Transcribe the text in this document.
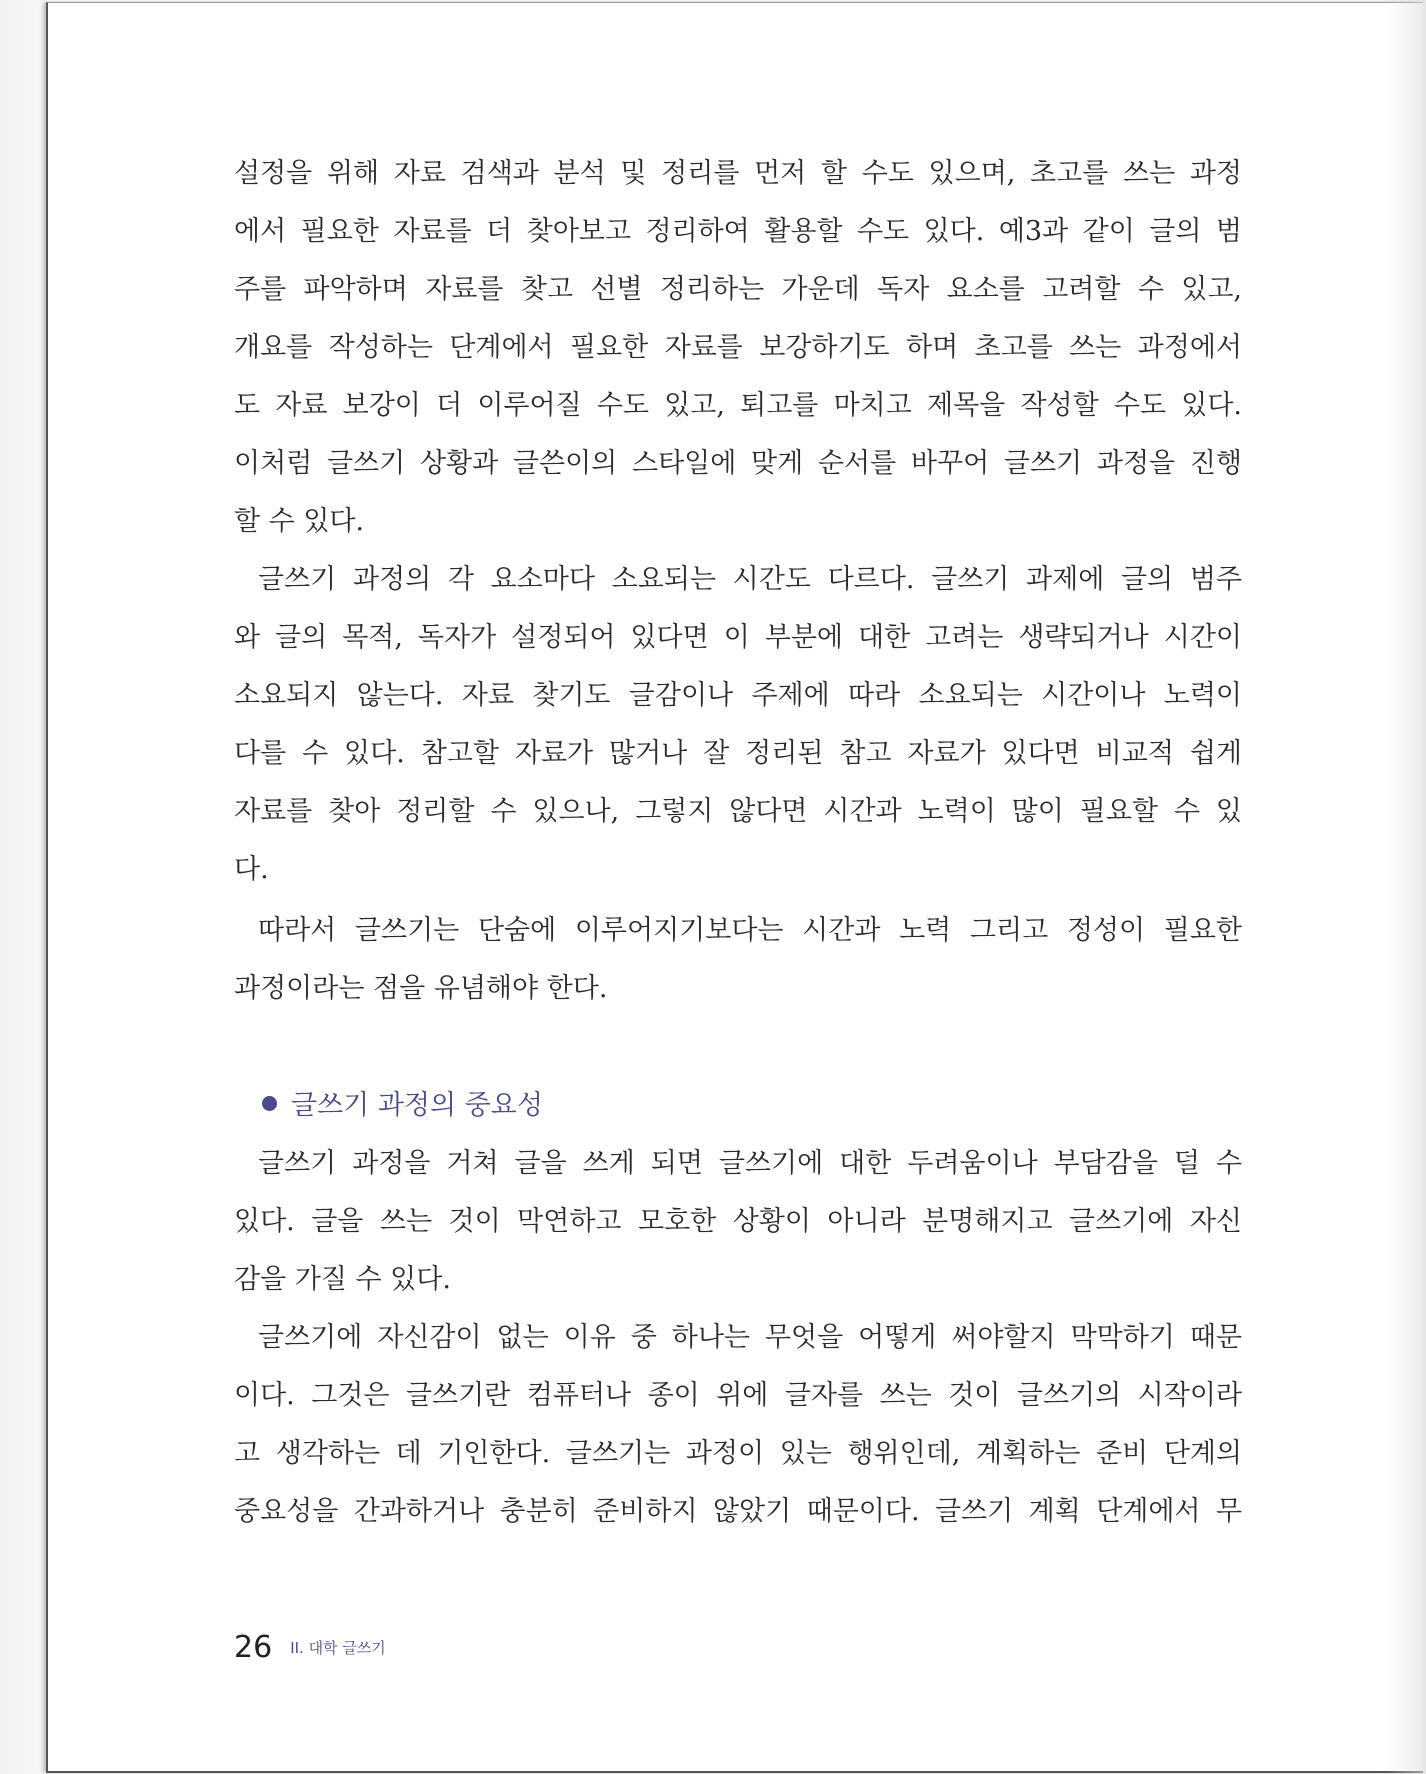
설정을 위해 자료 검색과 분석 및 정리를 먼저 할 수도 있으며, 초고를 쓰는 과정
에서 필요한 자료를 더 찾아보고 정리하여 활용할 수도 있다. 예3과 같이 글의 범
주를 파악하며 자료를 찾고 선별 정리하는 가운데 독자 요소를 고려할 수 있고,
개요를 작성하는 단계에서 필요한 자료를 보강하기도 하며 초고를 쓰는 과정에서
도 자료 보강이 더 이루어질 수도 있고, 퇴고를 마치고 제목을 작성할 수도 있다.
이처럼 글쓰기 상황과 글쓴이의 스타일에 맞게 순서를 바꾸어 글쓰기 과정을 진행
할 수 있다.
글쓰기 과정의 각 요소마다 소요되는 시간도 다르다. 글쓰기 과제에 글의 범주
와 글의 목적, 독자가 설정되어 있다면 이 부분에 대한 고려는 생략되거나 시간이
소요되지 않는다. 자료 찾기도 글감이나 주제에 따라 소요되는 시간이나 노력이
다를 수 있다. 참고할 자료가 많거나 잘 정리된 참고 자료가 있다면 비교적 쉽게
자료를 찾아 정리할 수 있으나, 그렇지 않다면 시간과 노력이 많이 필요할 수 있
다.
따라서 글쓰기는 단숨에 이루어지기보다는 시간과 노력 그리고 정성이 필요한
과정이라는 점을 유념해야 한다.
글쓰기 과정의 중요성
글쓰기 과정을 거쳐 글을 쓰게 되면 글쓰기에 대한 두려움이나 부담감을 덜 수
있다. 글을 쓰는 것이 막연하고 모호한 상황이 아니라 분명해지고 글쓰기에 자신
감을 가질 수 있다.
글쓰기에 자신감이 없는 이유 중 하나는 무엇을 어떻게 써야할지 막막하기 때문
이다. 그것은 글쓰기란 컴퓨터나 종이 위에 글자를 쓰는 것이 글쓰기의 시작이라
고 생각하는 데 기인한다. 글쓰기는 과정이 있는 행위인데, 계획하는 준비 단계의
중요성을 간과하거나 충분히 준비하지 않았기 때문이다. 글쓰기 계획 단계에서 무
26 II. 대학 글쓰기
